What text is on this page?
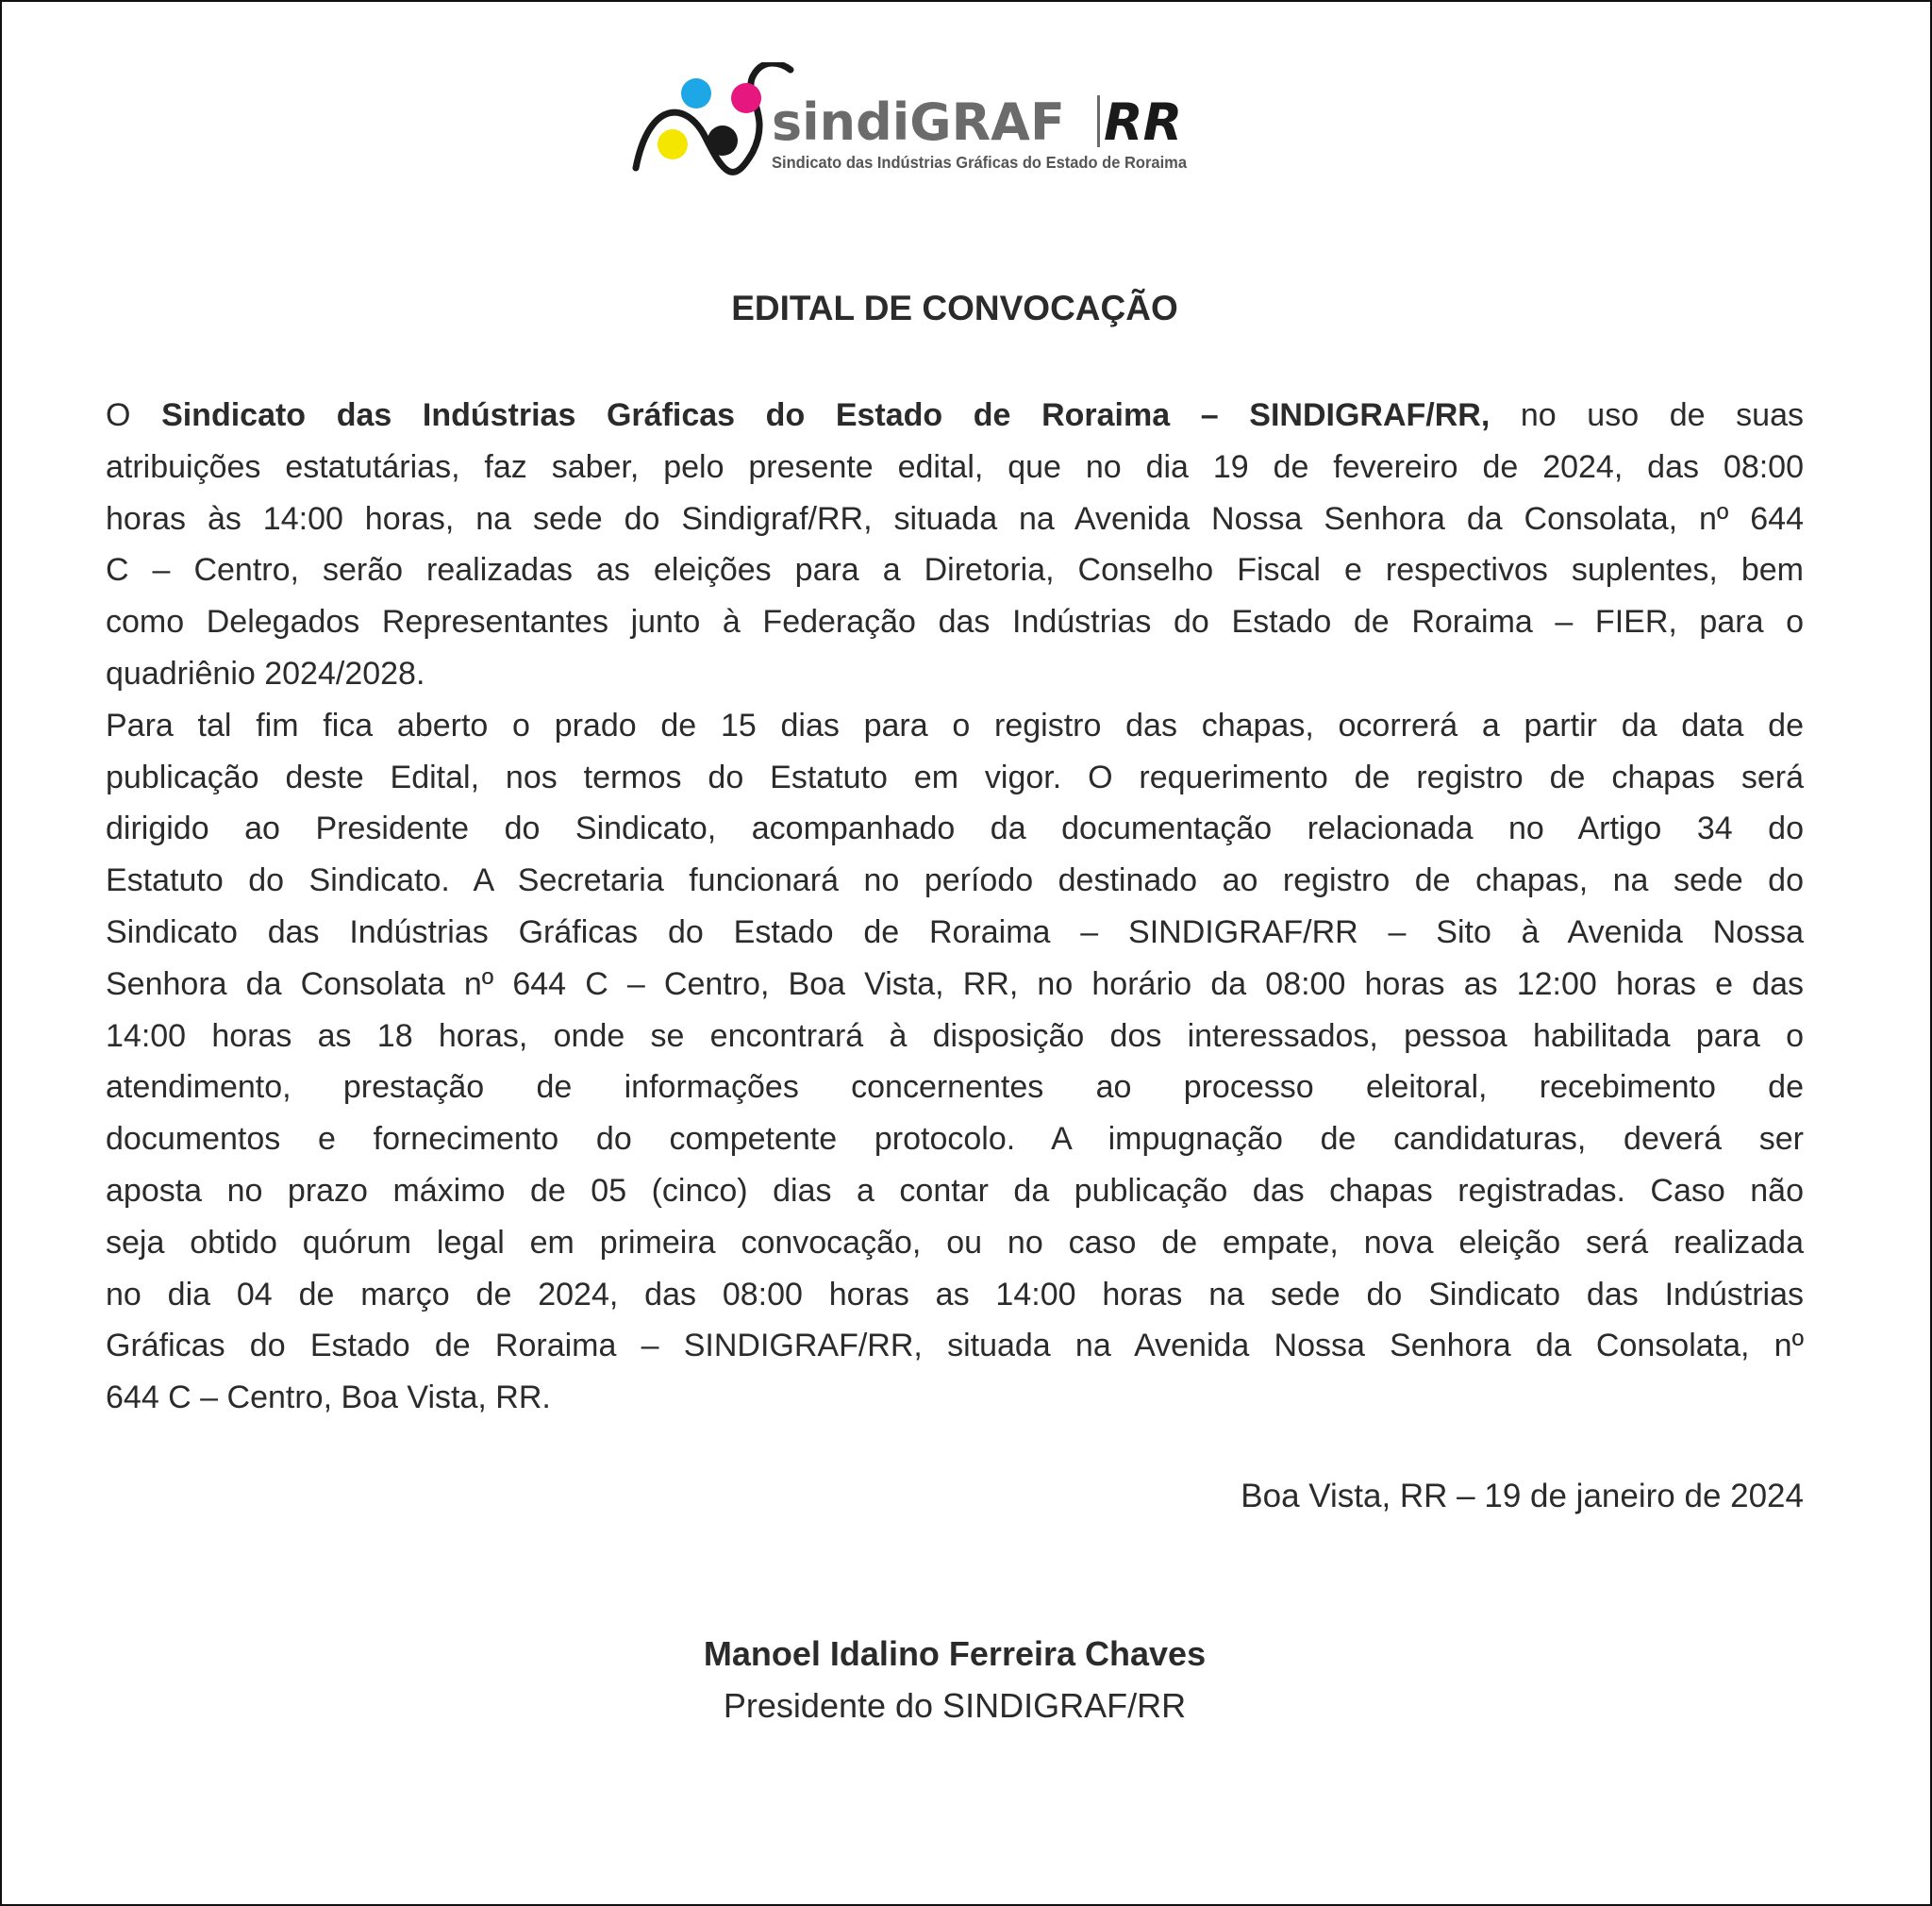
sindiGRAF RR
Sindicato das Indústrias Gráficas do Estado de Roraima
EDITAL DE CONVOCAÇÃO
O Sindicato das Indústrias Gráficas do Estado de Roraima – SINDIGRAF/RR, no uso de suas
atribuições estatutárias, faz saber, pelo presente edital, que no dia 19 de fevereiro de 2024, das 08:00
horas às 14:00 horas, na sede do Sindigraf/RR, situada na Avenida Nossa Senhora da Consolata, nº 644
C – Centro, serão realizadas as eleições para a Diretoria, Conselho Fiscal e respectivos suplentes, bem
como Delegados Representantes junto à Federação das Indústrias do Estado de Roraima – FIER, para o
quadriênio 2024/2028.
Para tal fim fica aberto o prado de 15 dias para o registro das chapas, ocorrerá a partir da data de
publicação deste Edital, nos termos do Estatuto em vigor. O requerimento de registro de chapas será
dirigido ao Presidente do Sindicato, acompanhado da documentação relacionada no Artigo 34 do
Estatuto do Sindicato. A Secretaria funcionará no período destinado ao registro de chapas, na sede do
Sindicato das Indústrias Gráficas do Estado de Roraima – SINDIGRAF/RR – Sito à Avenida Nossa
Senhora da Consolata nº 644 C – Centro, Boa Vista, RR, no horário da 08:00 horas as 12:00 horas e das
14:00 horas as 18 horas, onde se encontrará à disposição dos interessados, pessoa habilitada para o
atendimento, prestação de informações concernentes ao processo eleitoral, recebimento de
documentos e fornecimento do competente protocolo. A impugnação de candidaturas, deverá ser
aposta no prazo máximo de 05 (cinco) dias a contar da publicação das chapas registradas. Caso não
seja obtido quórum legal em primeira convocação, ou no caso de empate, nova eleição será realizada
no dia 04 de março de 2024, das 08:00 horas as 14:00 horas na sede do Sindicato das Indústrias
Gráficas do Estado de Roraima – SINDIGRAF/RR, situada na Avenida Nossa Senhora da Consolata, nº
644 C – Centro, Boa Vista, RR.
Boa Vista, RR – 19 de janeiro de 2024
Manoel Idalino Ferreira Chaves
Presidente do SINDIGRAF/RR
